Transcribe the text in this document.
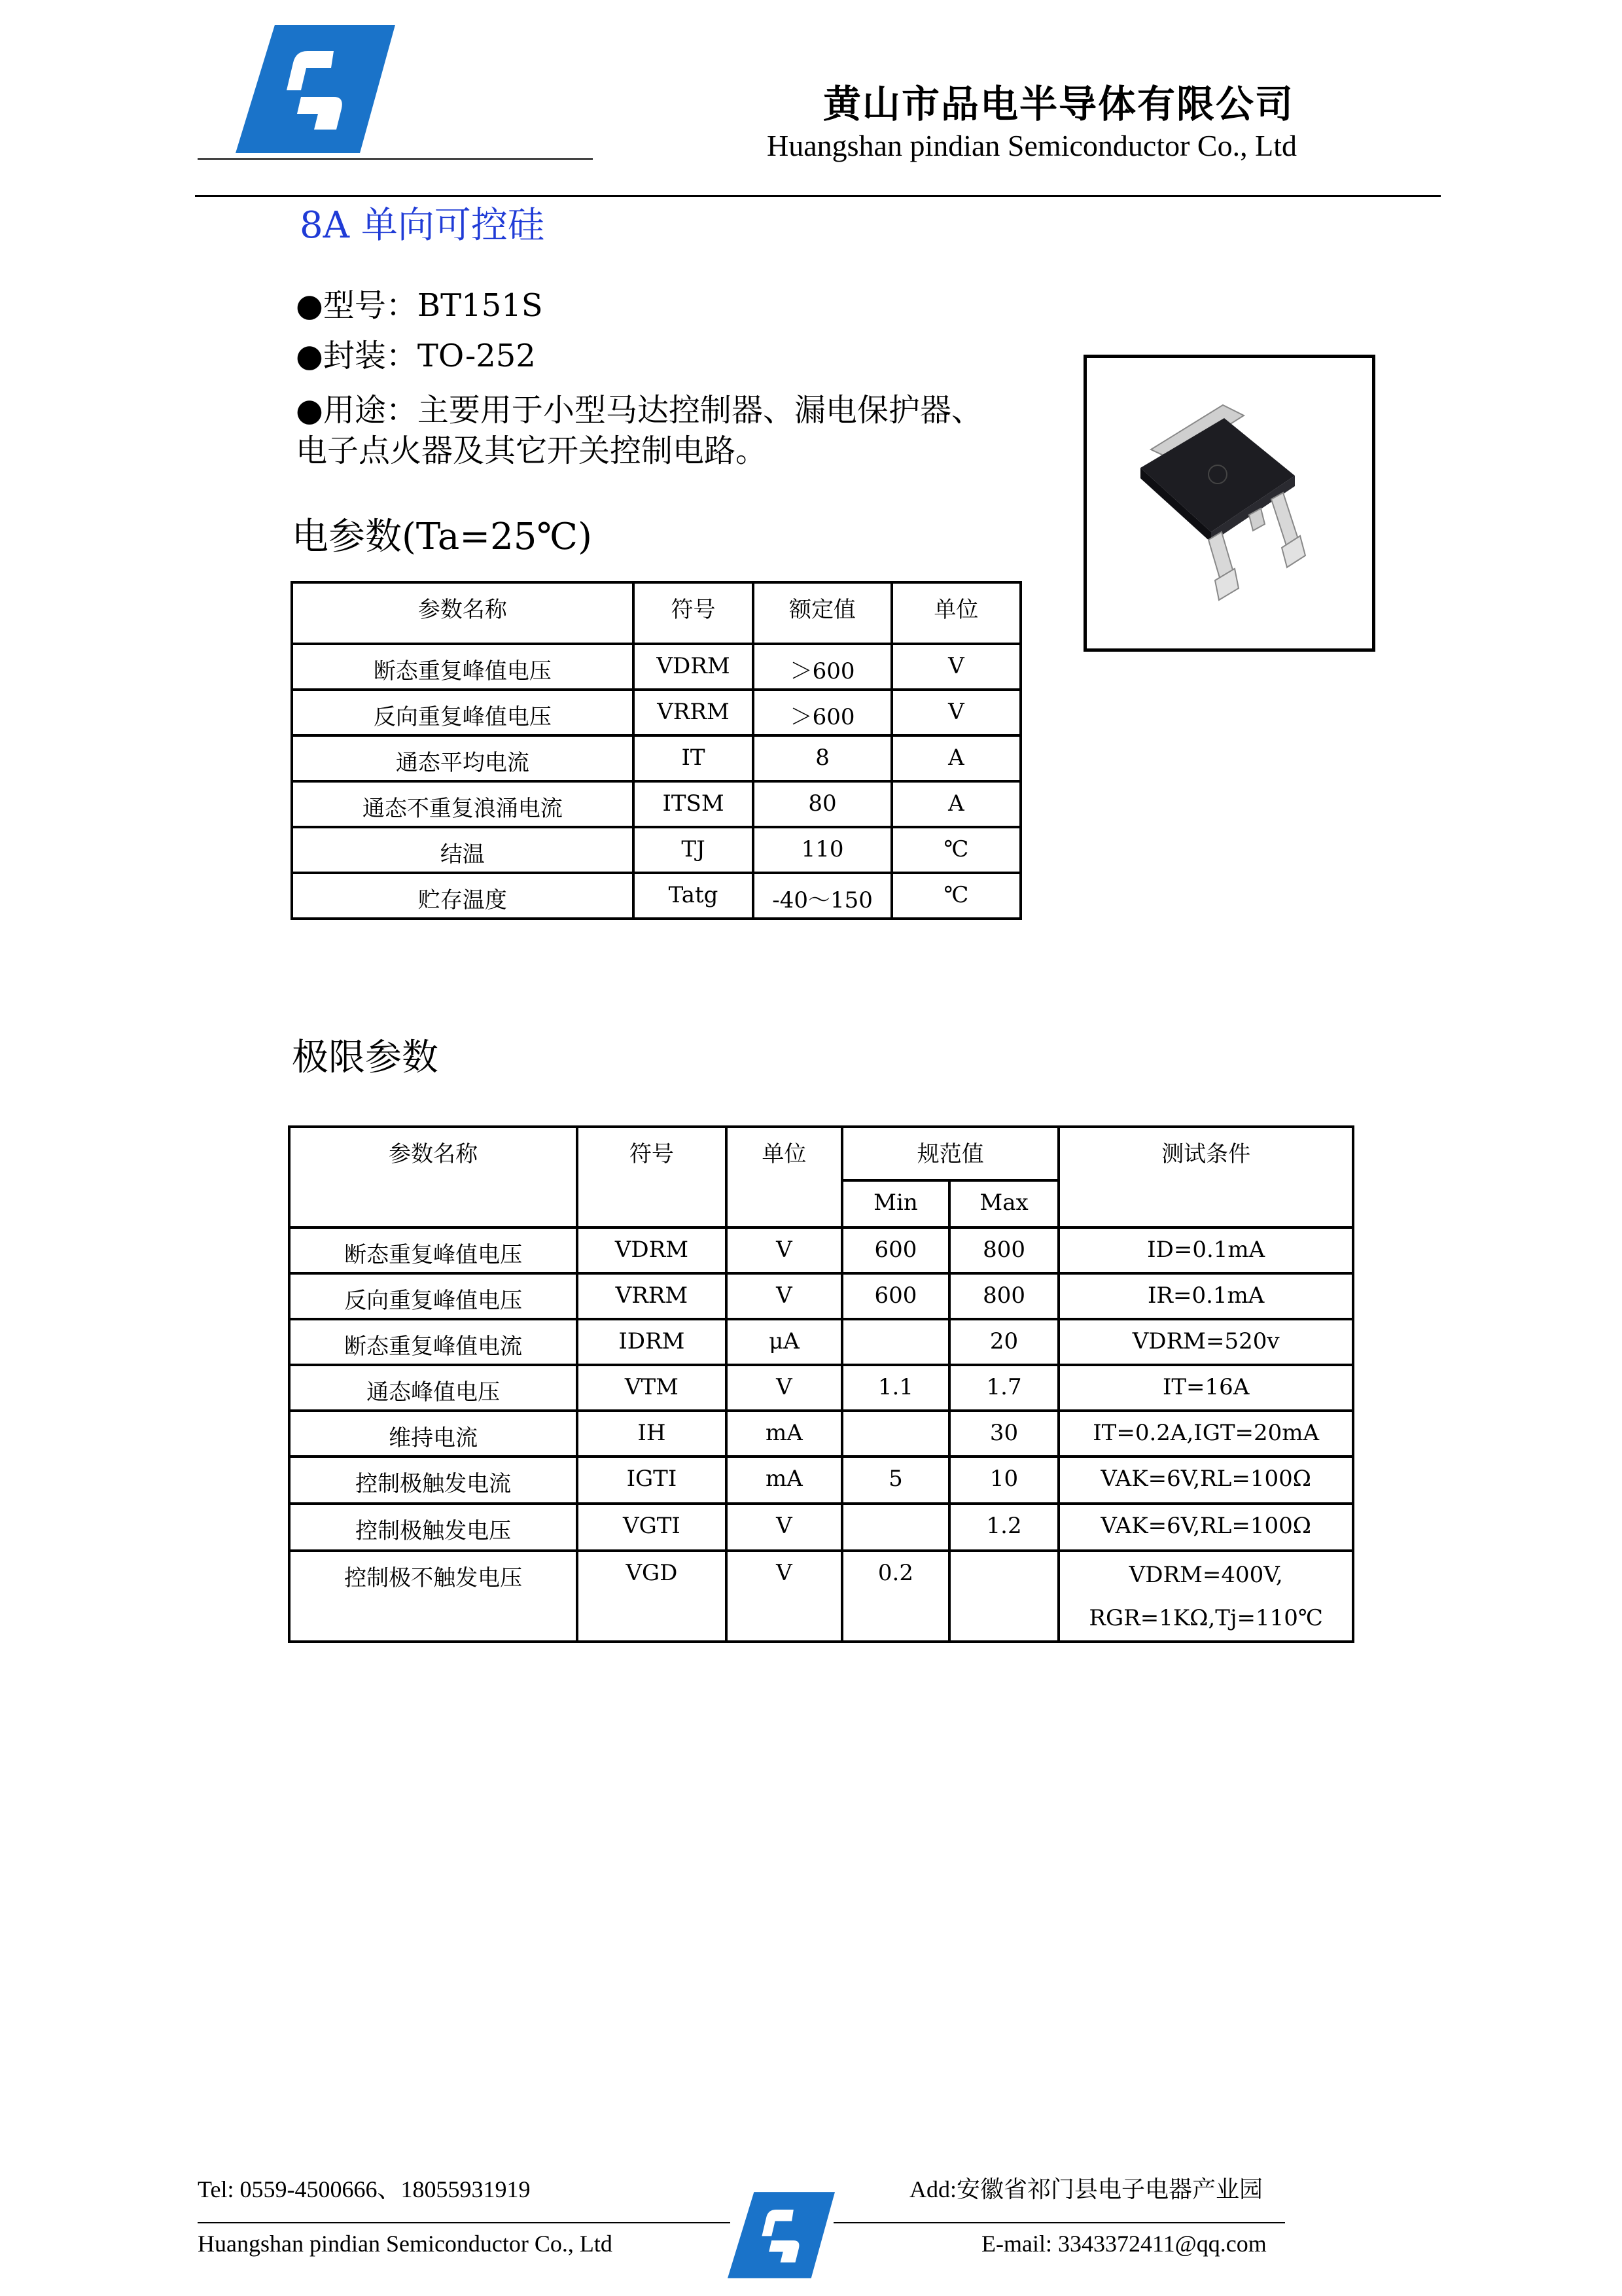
黄山市品电半导体有限公司
Huangshan pindian Semiconductor Co., Ltd
8A 单向可控硅
●型号：BT151S
●封装：TO-252
●用途：主要用于小型马达控制器、漏电保护器、
电子点火器及其它开关控制电路。
电参数(Ta=25℃)
参数名称	符号	额定值	单位
断态重复峰值电压	VDRM	＞600	V
反向重复峰值电压	VRRM	＞600	V
通态平均电流	IT	8	A
通态不重复浪涌电流	ITSM	80	A
结温	TJ	110	℃
贮存温度	Tatg	-40～150	℃
极限参数
参数名称	符号	单位	规范值		测试条件
			Min	Max	
断态重复峰值电压	VDRM	V	600	800	ID=0.1mA
反向重复峰值电压	VRRM	V	600	800	IR=0.1mA
断态重复峰值电流	IDRM	μA		20	VDRM=520v
通态峰值电压	VTM	V	1.1	1.7	IT=16A
维持电流	IH	mA		30	IT=0.2A,IGT=20mA
控制极触发电流	IGTI	mA	5	10	VAK=6V,RL=100Ω
控制极触发电压	VGTI	V		1.2	VAK=6V,RL=100Ω
控制极不触发电压	VGD	V	0.2		VDRM=400V,
RGR=1KΩ,Tj=110℃
Tel: 0559-4500666、18055931919
Huangshan pindian Semiconductor Co., Ltd
Add:安徽省祁门县电子电器产业园
E-mail: 3343372411@qq.com
